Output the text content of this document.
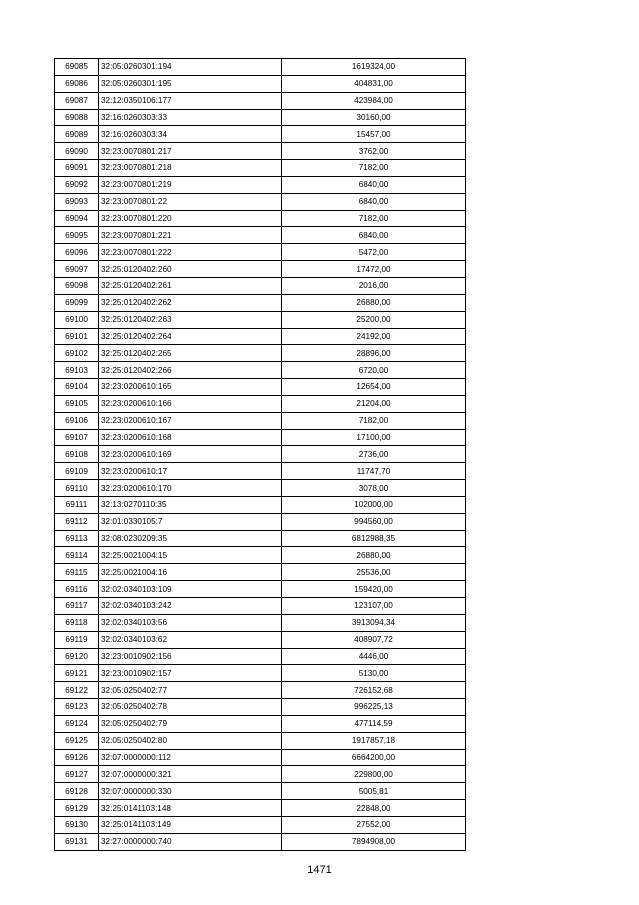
69085	32:05:0260301:194	1619324,00
69086	32:05:0260301:195	404831,00
69087	32:12:0350106:177	423984,00
69088	32:16:0260303:33	30160,00
69089	32:16:0260303:34	15457,00
69090	32:23:0070801:217	3762,00
69091	32:23:0070801:218	7182,00
69092	32:23:0070801:219	6840,00
69093	32:23:0070801:22	6840,00
69094	32:23:0070801:220	7182,00
69095	32:23:0070801:221	6840,00
69096	32:23:0070801:222	5472,00
69097	32:25:0120402:260	17472,00
69098	32:25:0120402:261	2016,00
69099	32:25:0120402:262	26880,00
69100	32:25:0120402:263	25200,00
69101	32:25:0120402:264	24192,00
69102	32:25:0120402:265	28896,00
69103	32:25:0120402:266	6720,00
69104	32:23:0200610:165	12654,00
69105	32:23:0200610:166	21204,00
69106	32:23:0200610:167	7182,00
69107	32:23:0200610:168	17100,00
69108	32:23:0200610:169	2736,00
69109	32:23:0200610:17	11747,70
69110	32:23:0200610:170	3078,00
69111	32:13:0270110:35	102000,00
69112	32:01:0330105:7	994560,00
69113	32:08:0230209:35	6812988,35
69114	32:25:0021004:15	26880,00
69115	32:25:0021004:16	25536,00
69116	32:02:0340103:109	159420,00
69117	32:02:0340103:242	123107,00
69118	32:02:0340103:56	3913094,34
69119	32:02:0340103:62	408907,72
69120	32:23:0010902:156	4446,00
69121	32:23:0010902:157	5130,00
69122	32:05:0250402:77	726152,68
69123	32:05:0250402:78	996225,13
69124	32:05:0250402:79	477114,59
69125	32:05:0250402:80	1917857,18
69126	32:07:0000000:112	6664200,00
69127	32:07:0000000:321	229800,00
69128	32:07:0000000:330	5005,81
69129	32:25:0141103:148	22848,00
69130	32:25:0141103:149	27552,00
69131	32:27:0000000:740	7894908,00
1471
